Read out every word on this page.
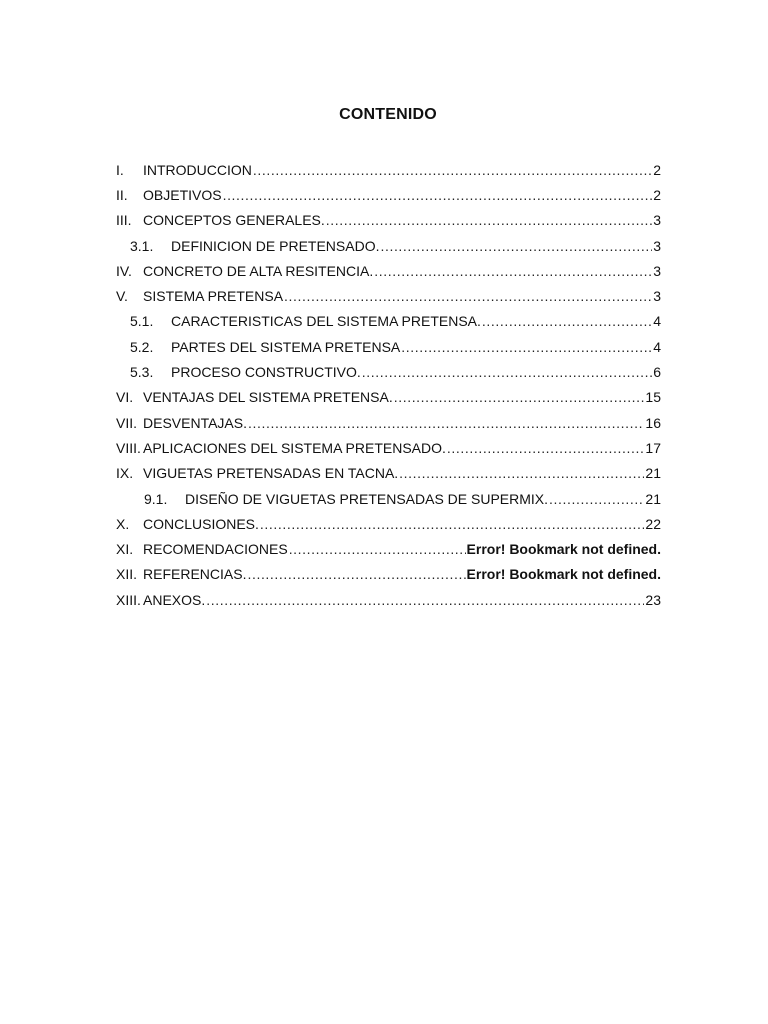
CONTENIDO
I.	INTRODUCCION .....	2
II.	OBJETIVOS .....	2
III. CONCEPTOS GENERALES. .....	3
3.1.	DEFINICION DE PRETENSADO. .....	3
IV. CONCRETO DE ALTA RESITENCIA. .....	3
V.	SISTEMA PRETENSA .....	3
5.1.	CARACTERISTICAS DEL SISTEMA PRETENSA. .....	4
5.2.	PARTES DEL SISTEMA PRETENSA .....	4
5.3.	PROCESO CONSTRUCTIVO. .....	6
VI. VENTAJAS DEL SISTEMA PRETENSA. .....	15
VII. DESVENTAJAS. .....	16
VIII. APLICACIONES DEL SISTEMA PRETENSADO. .....	17
IX. VIGUETAS PRETENSADAS EN TACNA. .....	21
9.1.	DISEÑO DE VIGUETAS PRETENSADAS DE SUPERMIX. .....	21
X. CONCLUSIONES. .....	22
XI. RECOMENDACIONES .....	Error! Bookmark not defined.
XII. REFERENCIAS. .....	Error! Bookmark not defined.
XIII. ANEXOS. .....	23
